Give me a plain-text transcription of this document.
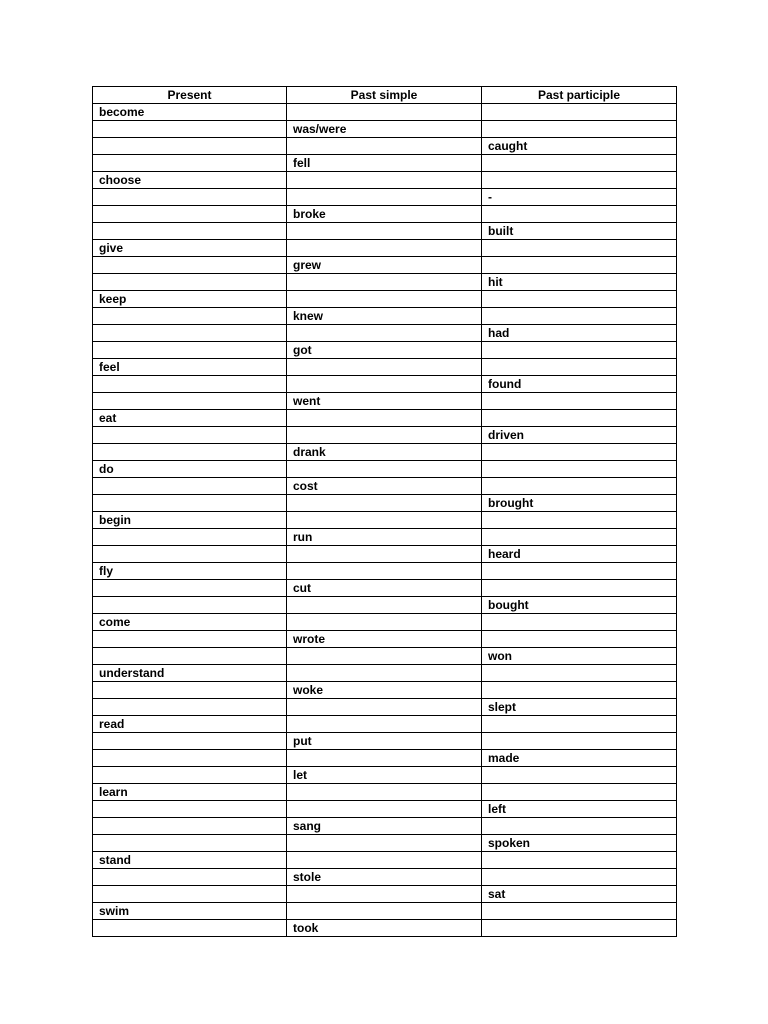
Present	Past simple	Past participle
become		
	was/were	
		caught
	fell	
choose		
		-
	broke	
		built
give		
	grew	
		hit
keep		
	knew	
		had
	got	
feel		
		found
	went	
eat		
		driven
	drank	
do		
	cost	
		brought
begin		
	run	
		heard
fly		
	cut	
		bought
come		
	wrote	
		won
understand		
	woke	
		slept
read		
	put	
		made
	let	
learn		
		left
	sang	
		spoken
stand		
	stole	
		sat
swim		
	took	
